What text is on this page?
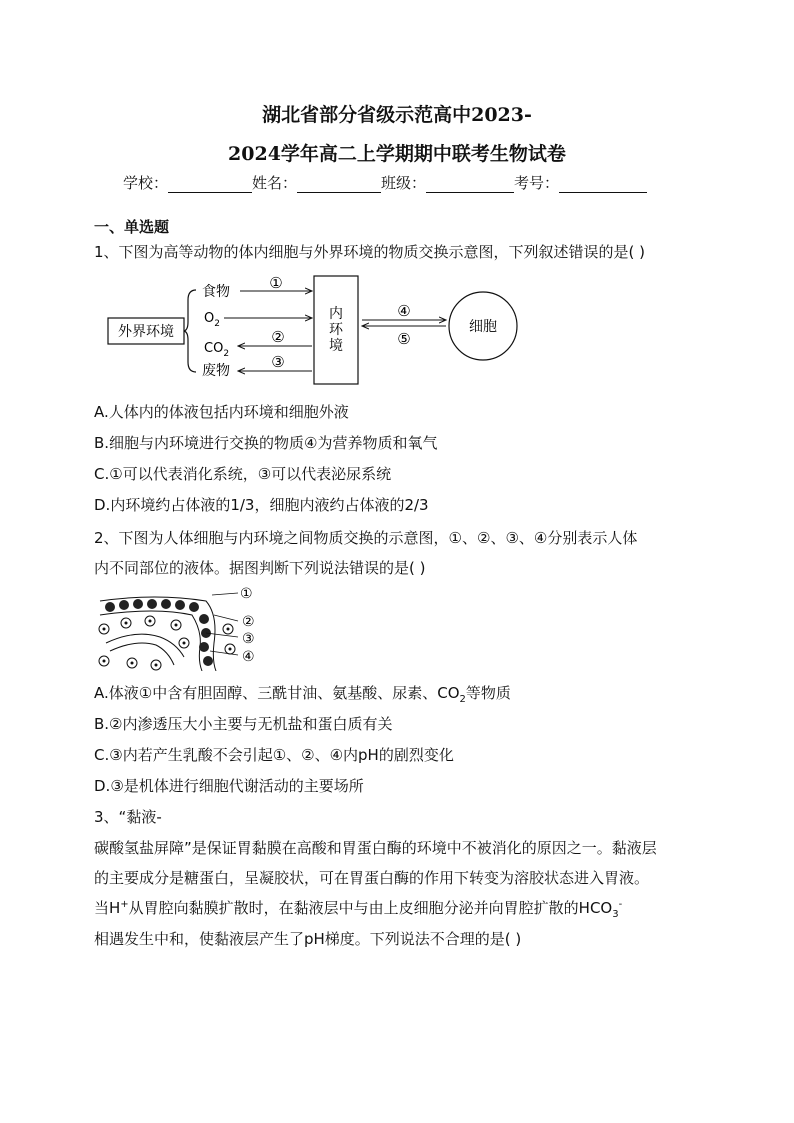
湖北省部分省级示范高中2023-
2024学年高二上学期期中联考生物试卷
学校：	姓名：	班级：	考号：
一、单选题
1、下图为高等动物的体内细胞与外界环境的物质交换示意图，下列叙述错误的是( )
外界环境
食物
$O_2$
$CO_2$
废物
①
②
③
内
环
境
④
⑤
细胞
A.人体内的体液包括内环境和细胞外液
B.细胞与内环境进行交换的物质④为营养物质和氧气
C.①可以代表消化系统，③可以代表泌尿系统
D.内环境约占体液的1/3，细胞内液约占体液的2/3
2、下图为人体细胞与内环境之间物质交换的示意图，①、②、③、④分别表示人体
内不同部位的液体。据图判断下列说法错误的是( )
①
②
③
④
A.体液①中含有胆固醇、三酰甘油、氨基酸、尿素、$CO_2$等物质
B.②内渗透压大小主要与无机盐和蛋白质有关
C.③内若产生乳酸不会引起①、②、④内pH的剧烈变化
D.③是机体进行细胞代谢活动的主要场所
3、“黏液-
碳酸氢盐屏障”是保证胃黏膜在高酸和胃蛋白酶的环境中不被消化的原因之一。黏液层
的主要成分是糖蛋白，呈凝胶状，可在胃蛋白酶的作用下转变为溶胶状态进入胃液。
当H+从胃腔向黏膜扩散时，在黏液层中与由上皮细胞分泌并向胃腔扩散的$HCO_3^-$
相遇发生中和，使黏液层产生了pH梯度。下列说法不合理的是( )
